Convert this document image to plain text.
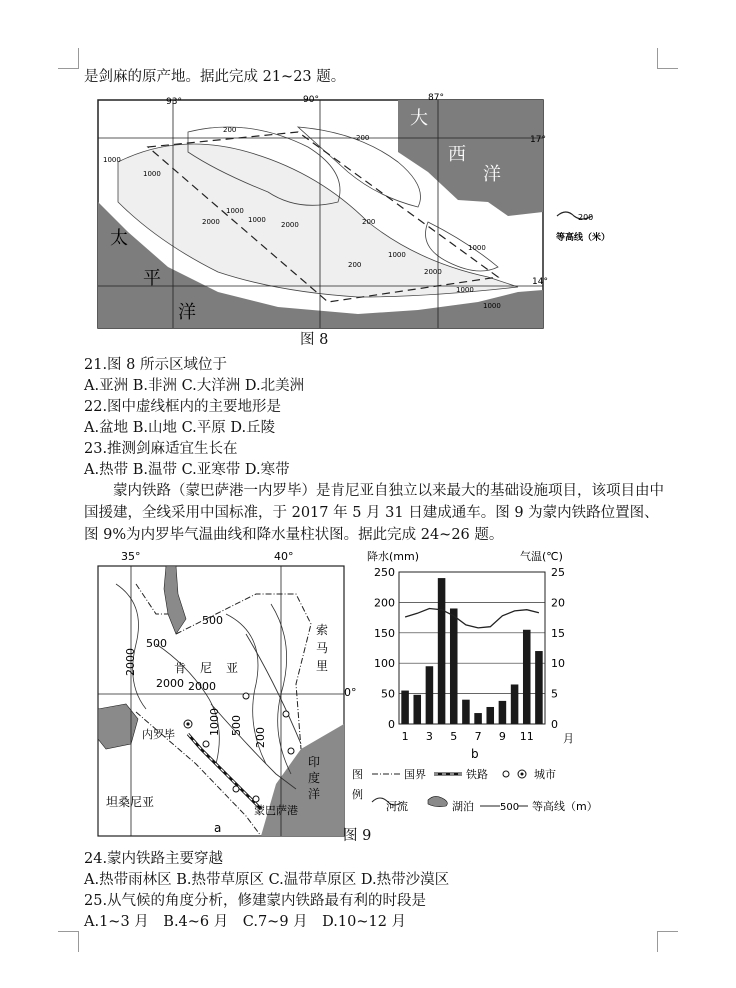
是剑麻的原产地。据此完成 21~23 题。
93°	90°	87°
17°
14°
大
西
洋
太
平
洋
200
200
1000
1000
2000
1000
1000
2000	200
1000
1000
2000
1000
1000
200
200
等高线（米）
图 8
21.图 8 所示区域位于
A.亚洲 B.非洲 C.大洋洲 D.北美洲
22.图中虚线框内的主要地形是
A.盆地 B.山地 C.平原 D.丘陵
23.推测剑麻适宜生长在
A.热带 B.温带 C.亚寒带 D.寒带
蒙内铁路（蒙巴萨港一内罗毕）是肯尼亚自独立以来最大的基础设施项目，该项目由中国援建，全线采用中国标准，于 2017 年 5 月 31 日建成通车。图 9 为蒙内铁路位置图、图 9%为内罗毕气温曲线和降水量柱状图。据此完成 24~26 题。
35°	40°
0°
肯 尼 亚
坦桑尼亚
索
马
里
内罗毕
蒙巴萨港
印
度
洋
500
500
2000
2000 2000
1000 500
200
a
降水(mm)	气温(℃)
月
b
0
50
100
150
200
250
0
5
10
15
20
25
1 3 5 7 9 11
图
例
国界	铁路	城市
河流	湖泊	500 等高线（m）
图 9
24.蒙内铁路主要穿越
A.热带雨林区 B.热带草原区 C.温带草原区 D.热带沙漠区
25.从气候的角度分析，修建蒙内铁路最有利的时段是
A.1~3 月　B.4~6 月　C.7~9 月　D.10~12 月
